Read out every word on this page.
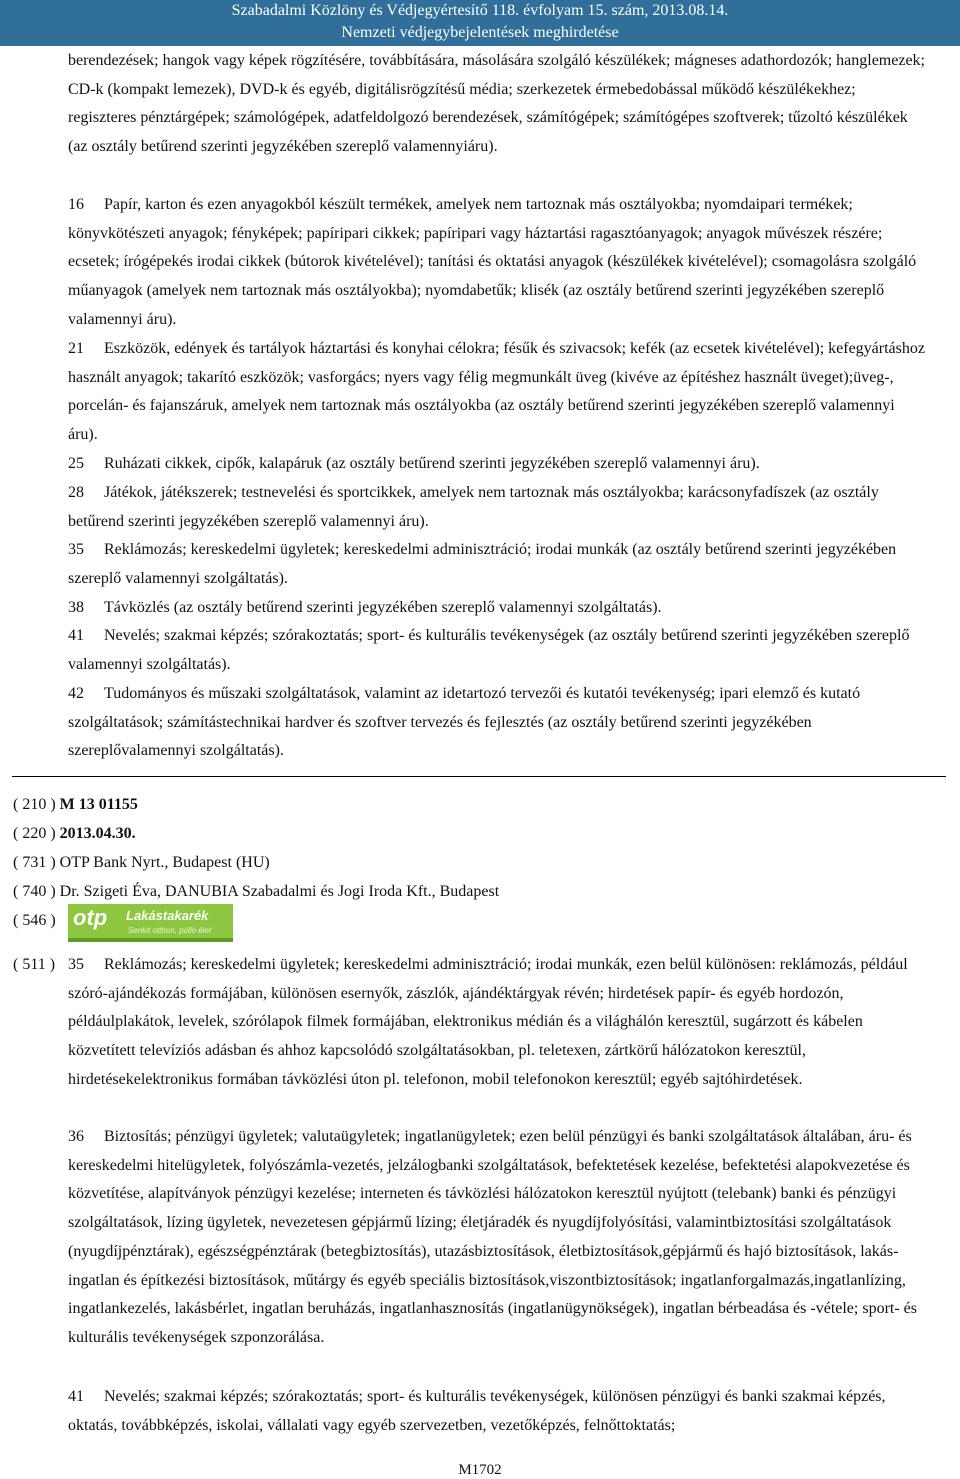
Szabadalmi Közlöny és Védjegyértesítő 118. évfolyam 15. szám, 2013.08.14.
Nemzeti védjegybejelentések meghirdetése
berendezések; hangok vagy képek rögzítésére, továbbítására, másolására szolgáló készülékek; mágneses adathordozók; hanglemezek; CD-k (kompakt lemezek), DVD-k és egyéb, digitálisrögzítésű média; szerkezetek érmebedobással működő készülékekhez; regiszteres pénztárgépek; számológépek, adatfeldolgozó berendezések, számítógépek; számítógépes szoftverek; tűzoltó készülékek (az osztály betűrend szerinti jegyzékében szereplő valamennyiáru).
16 Papír, karton és ezen anyagokból készült termékek, amelyek nem tartoznak más osztályokba; nyomdaipari termékek; könyvkötészeti anyagok; fényképek; papíripari cikkek; papíripari vagy háztartási ragasztóanyagok; anyagok művészek részére; ecsetek; írógépekés irodai cikkek (bútorok kivételével); tanítási és oktatási anyagok (készülékek kivételével); csomagolásra szolgáló műanyagok (amelyek nem tartoznak más osztályokba); nyomdabetűk; klisék (az osztály betűrend szerinti jegyzékében szereplő valamennyi áru).
21 Eszközök, edények és tartályok háztartási és konyhai célokra; fésűk és szivacsok; kefék (az ecsetek kivételével); kefegyártáshoz használt anyagok; takarító eszközök; vasforgács; nyers vagy félig megmunkált üveg (kivéve az építéshez használt üveget);üveg-, porcelán- és fajanszáruk, amelyek nem tartoznak más osztályokba (az osztály betűrend szerinti jegyzékében szereplő valamennyi áru).
25 Ruházati cikkek, cipők, kalapáruk (az osztály betűrend szerinti jegyzékében szereplő valamennyi áru).
28 Játékok, játékszerek; testnevelési és sportcikkek, amelyek nem tartoznak más osztályokba; karácsonyfadíszek (az osztály betűrend szerinti jegyzékében szereplő valamennyi áru).
35 Reklámozás; kereskedelmi ügyletek; kereskedelmi adminisztráció; irodai munkák (az osztály betűrend szerinti jegyzékében szereplő valamennyi szolgáltatás).
38 Távközlés (az osztály betűrend szerinti jegyzékében szereplő valamennyi szolgáltatás).
41 Nevelés; szakmai képzés; szórakoztatás; sport- és kulturális tevékenységek (az osztály betűrend szerinti jegyzékében szereplő valamennyi szolgáltatás).
42 Tudományos és műszaki szolgáltatások, valamint az idetartozó tervezői és kutatói tevékenység; ipari elemző és kutató szolgáltatások; számítástechnikai hardver és szoftver tervezés és fejlesztés (az osztály betűrend szerinti jegyzékében szereplővalamennyi szolgáltatás).
( 210 ) M 13 01155
( 220 ) 2013.04.30.
( 731 ) OTP Bank Nyrt., Budapest (HU)
( 740 ) Dr. Szigeti Éva, DANUBIA Szabadalmi és Jogi Iroda Kft., Budapest
( 546 ) otp Lakástakarék
Senkit otthon, pólló élet
( 511 ) 35 Reklámozás; kereskedelmi ügyletek; kereskedelmi adminisztráció; irodai munkák, ezen belül különösen: reklámozás, például szóró-ajándékozás formájában, különösen esernyők, zászlók, ajándéktárgyak révén; hirdetések papír- és egyéb hordozón, példáulplakátok, levelek, szórólapok filmek formájában, elektronikus médián és a világhálón keresztül, sugárzott és kábelen közvetített televíziós adásban és ahhoz kapcsolódó szolgáltatásokban, pl. teletexen, zártkörű hálózatokon keresztül, hirdetésekelektronikus formában távközlési úton pl. telefonon, mobil telefonokon keresztül; egyéb sajtóhirdetések.
36 Biztosítás; pénzügyi ügyletek; valutaügyletek; ingatlanügyletek; ezen belül pénzügyi és banki szolgáltatások általában, áru- és kereskedelmi hitelügyletek, folyószámla-vezetés, jelzálogbanki szolgáltatások, befektetések kezelése, befektetési alapokvezetése és közvetítése, alapítványok pénzügyi kezelése; interneten és távközlési hálózatokon keresztül nyújtott (telebank) banki és pénzügyi szolgáltatások, lízing ügyletek, nevezetesen gépjármű lízing; életjáradék és nyugdíjfolyósítási, valamintbiztosítási szolgáltatások (nyugdíjpénztárak), egészségpénztárak (betegbiztosítás), utazásbiztosítások, életbiztosítások,gépjármű és hajó biztosítások, lakás- ingatlan és építkezési biztosítások, műtárgy és egyéb speciális biztosítások,viszontbiztosítások; ingatlanforgalmazás,ingatlanlízing, ingatlankezelés, lakásbérlet, ingatlan beruházás, ingatlanhasznosítás (ingatlanügynökségek), ingatlan bérbeadása és -vétele; sport- és kulturális tevékenységek szponzorálása.
41 Nevelés; szakmai képzés; szórakoztatás; sport- és kulturális tevékenységek, különösen pénzügyi és banki szakmai képzés, oktatás, továbbképzés, iskolai, vállalati vagy egyéb szervezetben, vezetőképzés, felnőttoktatás;
M1702
